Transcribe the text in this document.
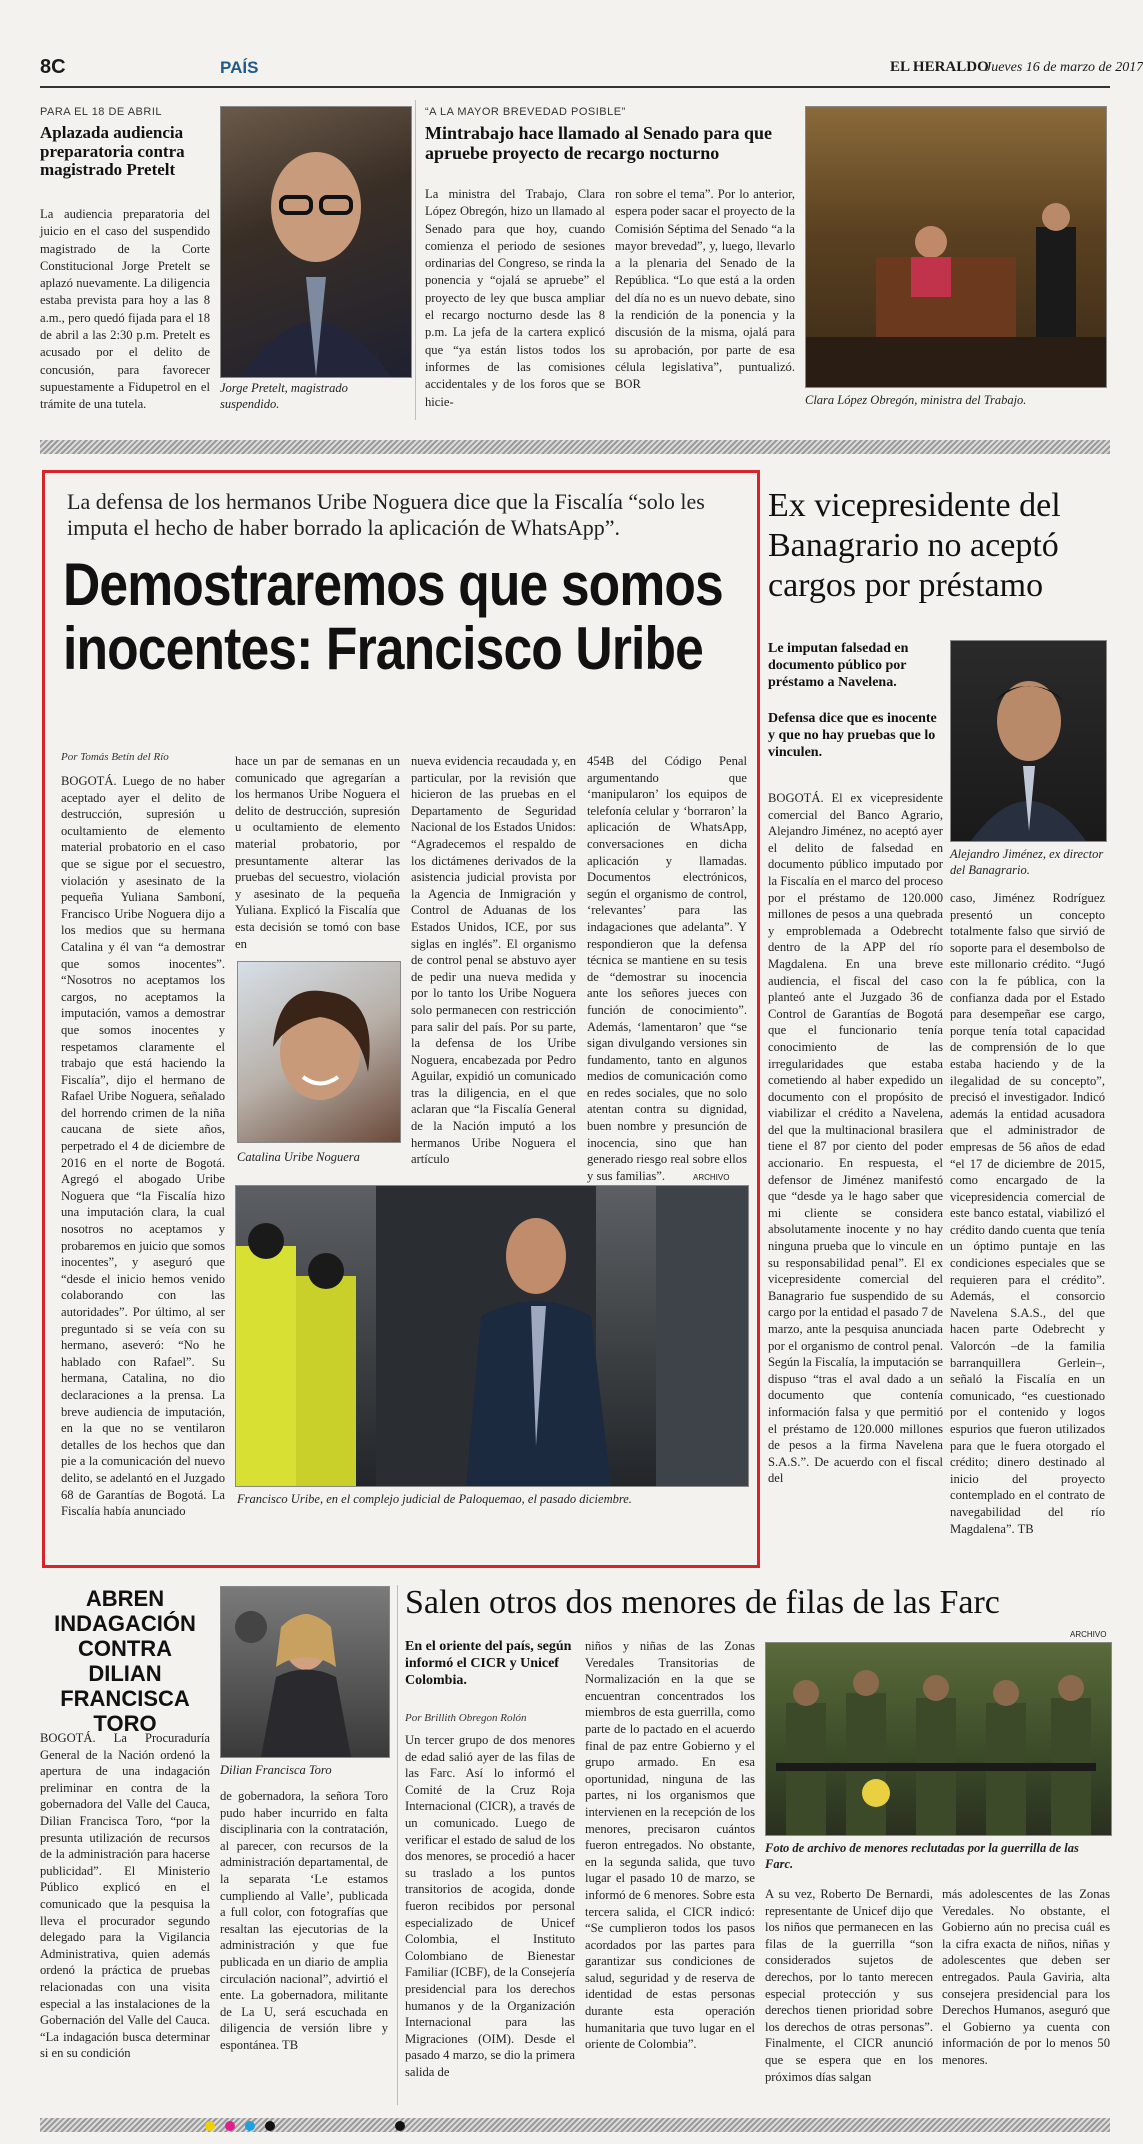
8C	PAÍS	EL HERALDO
Jueves 16 de marzo de 2017
PARA EL 18 DE ABRIL
Aplazada audiencia preparatoria contra magistrado Pretelt
La audiencia preparatoria del juicio en el caso del suspendido magistrado de la Corte Constitucional Jorge Pretelt se aplazó nuevamente. La diligencia estaba prevista para hoy a las 8 a.m., pero quedó fijada para el 18 de abril a las 2:30 p.m. Pretelt es acusado por el delito de concusión, para favorecer supuestamente a Fidupetrol en el trámite de una tutela.
Jorge Pretelt, magistrado suspendido.
“A LA MAYOR BREVEDAD POSIBLE”
Mintrabajo hace llamado al Senado para que apruebe proyecto de recargo nocturno
La ministra del Trabajo, Clara López Obregón, hizo un llamado al Senado para que hoy, cuando comienza el periodo de sesiones ordinarias del Congreso, se rinda la ponencia y “ojalá se apruebe” el proyecto de ley que busca ampliar el recargo nocturno desde las 8 p.m. La jefa de la cartera explicó que “ya están listos todos los informes de las comisiones accidentales y de los foros que se hicie-
ron sobre el tema”. Por lo anterior, espera poder sacar el proyecto de la Comisión Séptima del Senado “a la mayor brevedad”, y, luego, llevarlo a la plenaria del Senado de la República. “Lo que está a la orden del día no es un nuevo debate, sino la rendición de la ponencia y la discusión de la misma, ojalá para su aprobación, por parte de esa célula legislativa”, puntualizó. BOR
Clara López Obregón, ministra del Trabajo.
La defensa de los hermanos Uribe Noguera dice que la Fiscalía “solo les imputa el hecho de haber borrado la aplicación de WhatsApp”.
Demostraremos que somos inocentes: Francisco Uribe
Por Tomás Betín del Río
BOGOTÁ. Luego de no haber aceptado ayer el delito de destrucción, supresión u ocultamiento de elemento material probatorio en el caso que se sigue por el secuestro, violación y asesinato de la pequeña Yuliana Samboní, Francisco Uribe Noguera dijo a los medios que su hermana Catalina y él van “a demostrar que somos inocentes”. “Nosotros no aceptamos los cargos, no aceptamos la imputación, vamos a demostrar que somos inocentes y respetamos claramente el trabajo que está haciendo la Fiscalía”, dijo el hermano de Rafael Uribe Noguera, señalado del horrendo crimen de la niña caucana de siete años, perpetrado el 4 de diciembre de 2016 en el norte de Bogotá. Agregó el abogado Uribe Noguera que “la Fiscalía hizo una imputación clara, la cual nosotros no aceptamos y probaremos en juicio que somos inocentes”, y aseguró que “desde el inicio hemos venido colaborando con las autoridades”. Por último, al ser preguntado si se veía con su hermano, aseveró: “No he hablado con Rafael”. Su hermana, Catalina, no dio declaraciones a la prensa. La breve audiencia de imputación, en la que no se ventilaron detalles de los hechos que dan pie a la comunicación del nuevo delito, se adelantó en el Juzgado 68 de Garantías de Bogotá. La Fiscalía había anunciado
hace un par de semanas en un comunicado que agregarían a los hermanos Uribe Noguera el delito de destrucción, supresión u ocultamiento de elemento material probatorio, por presuntamente alterar las pruebas del secuestro, violación y asesinato de la pequeña Yuliana. Explicó la Fiscalía que esta decisión se tomó con base en
Catalina Uribe Noguera
nueva evidencia recaudada y, en particular, por la revisión que hicieron de las pruebas en el Departamento de Seguridad Nacional de los Estados Unidos: “Agradecemos el respaldo de los dictámenes derivados de la asistencia judicial provista por la Agencia de Inmigración y Control de Aduanas de los Estados Unidos, ICE, por sus siglas en inglés”. El organismo de control penal se abstuvo ayer de pedir una nueva medida y por lo tanto los Uribe Noguera solo permanecen con restricción para salir del país. Por su parte, la defensa de los Uribe Noguera, encabezada por Pedro Aguilar, expidió un comunicado tras la diligencia, en el que aclaran que “la Fiscalía General de la Nación imputó a los hermanos Uribe Noguera el artículo
454B del Código Penal argumentando que ‘manipularon’ los equipos de telefonía celular y ‘borraron’ la aplicación de WhatsApp, conversaciones en dicha aplicación y llamadas. Documentos electrónicos, según el organismo de control, ‘relevantes’ para las indagaciones que adelanta”. Y respondieron que la defensa técnica se mantiene en su tesis de “demostrar su inocencia ante los señores jueces con función de conocimiento”. Además, ‘lamentaron’ que “se sigan divulgando versiones sin fundamento, tanto en algunos medios de comunicación como en redes sociales, que no solo atentan contra su dignidad, buen nombre y presunción de inocencia, sino que han generado riesgo real sobre ellos y sus familias”.	ARCHIVO
Francisco Uribe, en el complejo judicial de Paloquemao, el pasado diciembre.
Ex vicepresidente del Banagrario no aceptó cargos por préstamo
Le imputan falsedad en documento público por préstamo a Navelena.
Defensa dice que es inocente y que no hay pruebas que lo vinculen.
Alejandro Jiménez, ex director del Banagrario.
BOGOTÁ. El ex vicepresidente comercial del Banco Agrario, Alejandro Jiménez, no aceptó ayer el delito de falsedad en documento público imputado por la Fiscalía en el marco del proceso por el préstamo de 120.000 millones de pesos a una quebrada y emproblemada a Odebrecht dentro de la APP del río Magdalena. En una breve audiencia, el fiscal del caso planteó ante el Juzgado 36 de Control de Garantías de Bogotá que el funcionario tenía conocimiento de las irregularidades que estaba cometiendo al haber expedido un documento con el propósito de viabilizar el crédito a Navelena, del que la multinacional brasilera tiene el 87 por ciento del poder accionario. En respuesta, el defensor de Jiménez manifestó que “desde ya le hago saber que mi cliente se considera absolutamente inocente y no hay ninguna prueba que lo vincule en su responsabilidad penal”. El ex vicepresidente comercial del Banagrario fue suspendido de su cargo por la entidad el pasado 7 de marzo, ante la pesquisa anunciada por el organismo de control penal. Según la Fiscalía, la imputación se dispuso “tras el aval dado a un documento que contenía información falsa y que permitió el préstamo de 120.000 millones de pesos a la firma Navelena S.A.S.”. De acuerdo con el fiscal del
caso, Jiménez Rodríguez presentó un concepto totalmente falso que sirvió de soporte para el desembolso de este millonario crédito. “Jugó con la fe pública, con la confianza dada por el Estado para desempeñar ese cargo, porque tenía total capacidad de comprensión de lo que estaba haciendo y de la ilegalidad de su concepto”, precisó el investigador. Indicó además la entidad acusadora que el administrador de empresas de 56 años de edad “el 17 de diciembre de 2015, como encargado de la vicepresidencia comercial de este banco estatal, viabilizó el crédito dando cuenta que tenía un óptimo puntaje en las condiciones especiales que se requieren para el crédito”. Además, el consorcio Navelena S.A.S., del que hacen parte Odebrecht y Valorcón –de la familia barranquillera Gerlein–, señaló la Fiscalía en un comunicado, “es cuestionado por el contenido y logos espurios que fueron utilizados para que le fuera otorgado el crédito; dinero destinado al inicio del proyecto contemplado en el contrato de navegabilidad del río Magdalena”. TB
ABREN INDAGACIÓN CONTRA DILIAN FRANCISCA TORO
Dilian Francisca Toro
BOGOTÁ. La Procuraduría General de la Nación ordenó la apertura de una indagación preliminar en contra de la gobernadora del Valle del Cauca, Dilian Francisca Toro, “por la presunta utilización de recursos de la administración para hacerse publicidad”. El Ministerio Público explicó en el comunicado que la pesquisa la lleva el procurador segundo delegado para la Vigilancia Administrativa, quien además ordenó la práctica de pruebas relacionadas con una visita especial a las instalaciones de la Gobernación del Valle del Cauca. “La indagación busca determinar si en su condición
de gobernadora, la señora Toro pudo haber incurrido en falta disciplinaria con la contratación, al parecer, con recursos de la administración departamental, de la separata ‘Le estamos cumpliendo al Valle’, publicada a full color, con fotografías que resaltan las ejecutorias de la administración y que fue publicada en un diario de amplia circulación nacional”, advirtió el ente. La gobernadora, militante de La U, será escuchada en diligencia de versión libre y espontánea. TB
Salen otros dos menores de filas de las Farc
En el oriente del país, según informó el CICR y Unicef Colombia.
Por Brillith Obregon Rolón
Un tercer grupo de dos menores de edad salió ayer de las filas de las Farc. Así lo informó el Comité de la Cruz Roja Internacional (CICR), a través de un comunicado. Luego de verificar el estado de salud de los dos menores, se procedió a hacer su traslado a los puntos transitorios de acogida, donde fueron recibidos por personal especializado de Unicef Colombia, el Instituto Colombiano de Bienestar Familiar (ICBF), de la Consejería presidencial para los derechos humanos y de la Organización Internacional para las Migraciones (OIM). Desde el pasado 4 marzo, se dio la primera salida de
niños y niñas de las Zonas Veredales Transitorias de Normalización en la que se encuentran concentrados los miembros de esta guerrilla, como parte de lo pactado en el acuerdo final de paz entre Gobierno y el grupo armado. En esa oportunidad, ninguna de las partes, ni los organismos que intervienen en la recepción de los menores, precisaron cuántos fueron entregados. No obstante, en la segunda salida, que tuvo lugar el pasado 10 de marzo, se informó de 6 menores. Sobre esta tercera salida, el CICR indicó: “Se cumplieron todos los pasos acordados por las partes para garantizar sus condiciones de salud, seguridad y de reserva de identidad de estas personas durante esta operación humanitaria que tuvo lugar en el oriente de Colombia”.
ARCHIVO
Foto de archivo de menores reclutadas por la guerrilla de las Farc.
A su vez, Roberto De Bernardi, representante de Unicef dijo que los niños que permanecen en las filas de la guerrilla “son considerados sujetos de derechos, por lo tanto merecen especial protección y sus derechos tienen prioridad sobre los derechos de otras personas”. Finalmente, el CICR anunció que se espera que en los próximos días salgan
más adolescentes de las Zonas Veredales. No obstante, el Gobierno aún no precisa cuál es la cifra exacta de niños, niñas y adolescentes que deben ser entregados. Paula Gaviria, alta consejera presidencial para los Derechos Humanos, aseguró que el Gobierno ya cuenta con información de por lo menos 50 menores.
